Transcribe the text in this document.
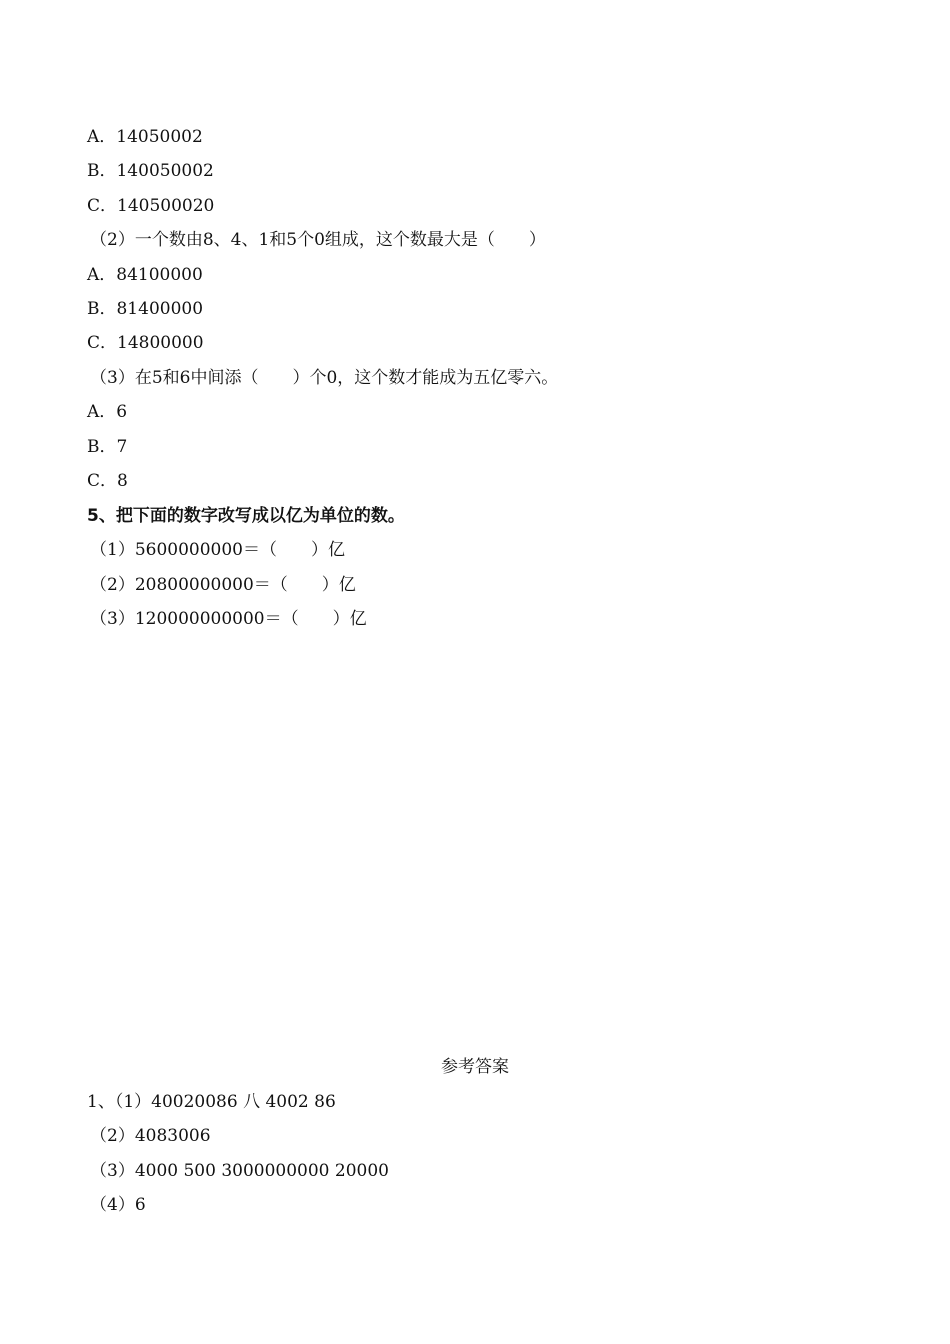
A．14050002
B．140050002
C．140500020
（2）一个数由8、4、1和5个0组成，这个数最大是（　　）
A．84100000
B．81400000
C．14800000
（3）在5和6中间添（　　）个0，这个数才能成为五亿零六。
A．6
B．7
C．8
5、把下面的数字改写成以亿为单位的数。
（1）5600000000＝（　　）亿
（2）20800000000＝（　　）亿
（3）120000000000＝（　　）亿
参考答案
1、（1）40020086 八 4002 86
（2）4083006
（3）4000 500 3000000000 20000
（4）6
